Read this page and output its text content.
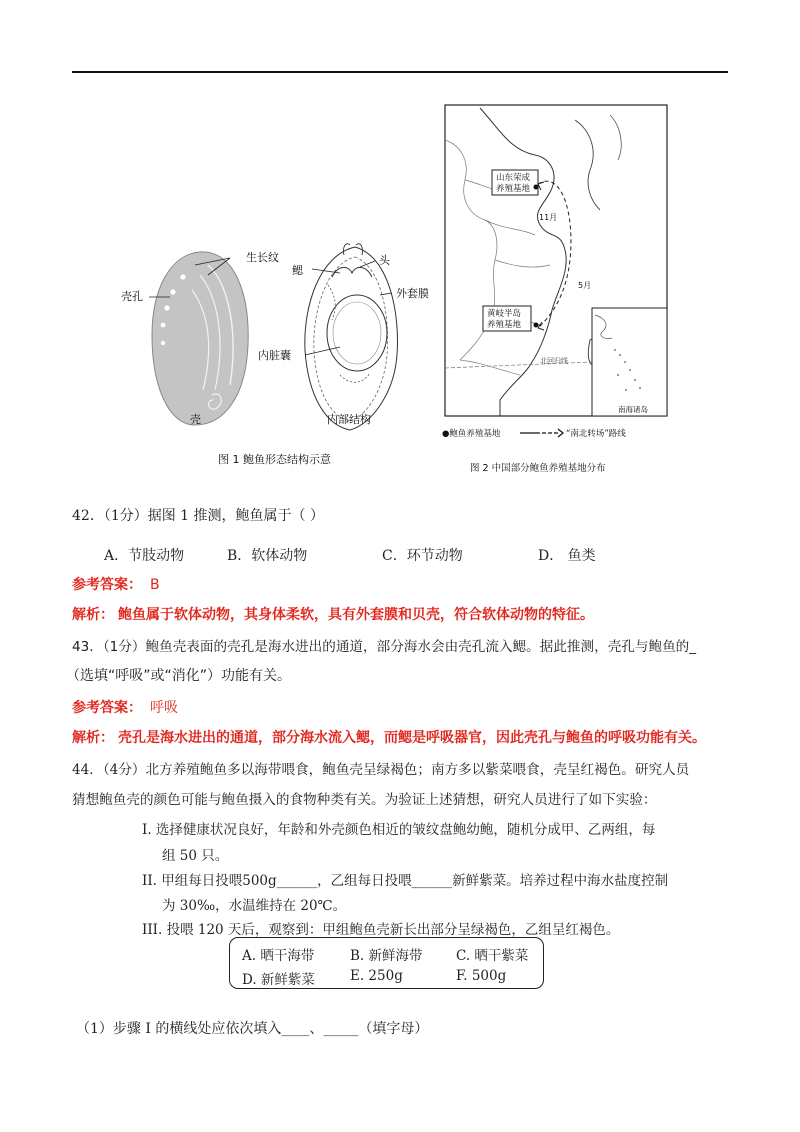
生长纹
壳孔
壳
鳃
头
外套膜
内脏囊
内部结构
图 1 鲍鱼形态结构示意
山东荣成
养殖基地
黄岐半岛
养殖基地
11月
5月
北回归线
南海诸岛
●鲍鱼养殖基地	“南北转场”路线
图 2 中国部分鲍鱼养殖基地分布
42．（1分）据图 1 推测，鲍鱼属于（ ）
A．节肢动物	B．软体动物	C．环节动物	D． 鱼类
参考答案： B
解析： 鲍鱼属于软体动物，其身体柔软，具有外套膜和贝壳，符合软体动物的特征。
43．（1分）鲍鱼壳表面的壳孔是海水进出的通道，部分海水会由壳孔流入鳃。据此推测，壳孔与鲍鱼的_
（选填“呼吸”或“消化”）功能有关。
参考答案： 呼吸
解析： 壳孔是海水进出的通道，部分海水流入鳃，而鳃是呼吸器官，因此壳孔与鲍鱼的呼吸功能有关。
44．（4分）北方养殖鲍鱼多以海带喂食，鲍鱼壳呈绿褐色；南方多以紫菜喂食，壳呈红褐色。研究人员
猜想鲍鱼壳的颜色可能与鲍鱼摄入的食物种类有关。为验证上述猜想，研究人员进行了如下实验：
I. 选择健康状况良好，年龄和外壳颜色相近的皱纹盘鲍幼鲍，随机分成甲、乙两组，每
组 50 只。
II. 甲组每日投喂500g______，乙组每日投喂______新鲜紫菜。培养过程中海水盐度控制
为 30‰，水温维持在 20℃。
III. 投喂 120 天后，观察到：甲组鲍鱼壳新长出部分呈绿褐色，乙组呈红褐色。
A. 晒干海带	B. 新鲜海带 C. 晒干紫菜
D. 新鲜紫菜	E. 250g	F. 500g
（1）步骤 I 的横线处应依次填入____、_____（填字母）
